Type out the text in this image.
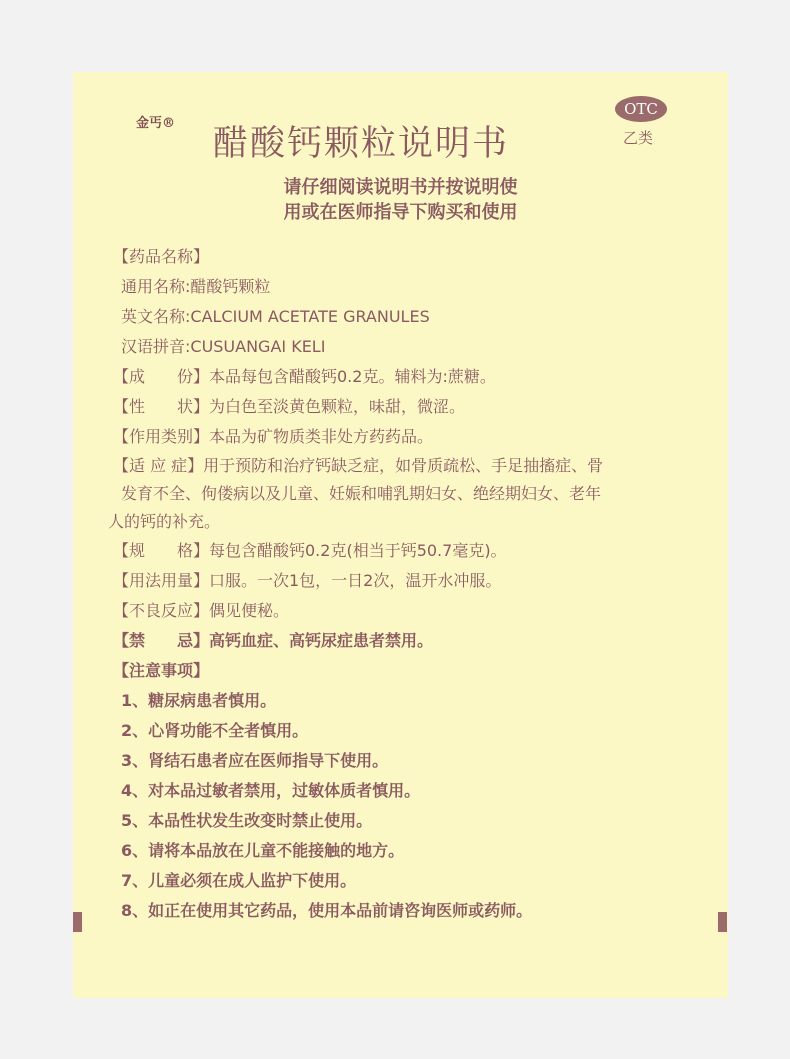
金丐®
醋酸钙颗粒说明书
OTC
乙类
请仔细阅读说明书并按说明使
用或在医师指导下购买和使用
【药品名称】
通用名称:醋酸钙颗粒
英文名称:CALCIUM ACETATE GRANULES
汉语拼音:CUSUANGAI KELI
【成　　份】本品每包含醋酸钙0.2克。辅料为:蔗糖。
【性　　状】为白色至淡黄色颗粒，味甜，微涩。
【作用类别】本品为矿物质类非处方药药品。
【适 应 症】用于预防和治疗钙缺乏症，如骨质疏松、手足抽搐症、骨
发育不全、佝偻病以及儿童、妊娠和哺乳期妇女、绝经期妇女、老年
人的钙的补充。
【规　　格】每包含醋酸钙0.2克(相当于钙50.7毫克)。
【用法用量】口服。一次1包，一日2次，温开水冲服。
【不良反应】偶见便秘。
【禁　　忌】高钙血症、高钙尿症患者禁用。
【注意事项】
1、糖尿病患者慎用。
2、心肾功能不全者慎用。
3、肾结石患者应在医师指导下使用。
4、对本品过敏者禁用，过敏体质者慎用。
5、本品性状发生改变时禁止使用。
6、请将本品放在儿童不能接触的地方。
7、儿童必须在成人监护下使用。
8、如正在使用其它药品，使用本品前请咨询医师或药师。
